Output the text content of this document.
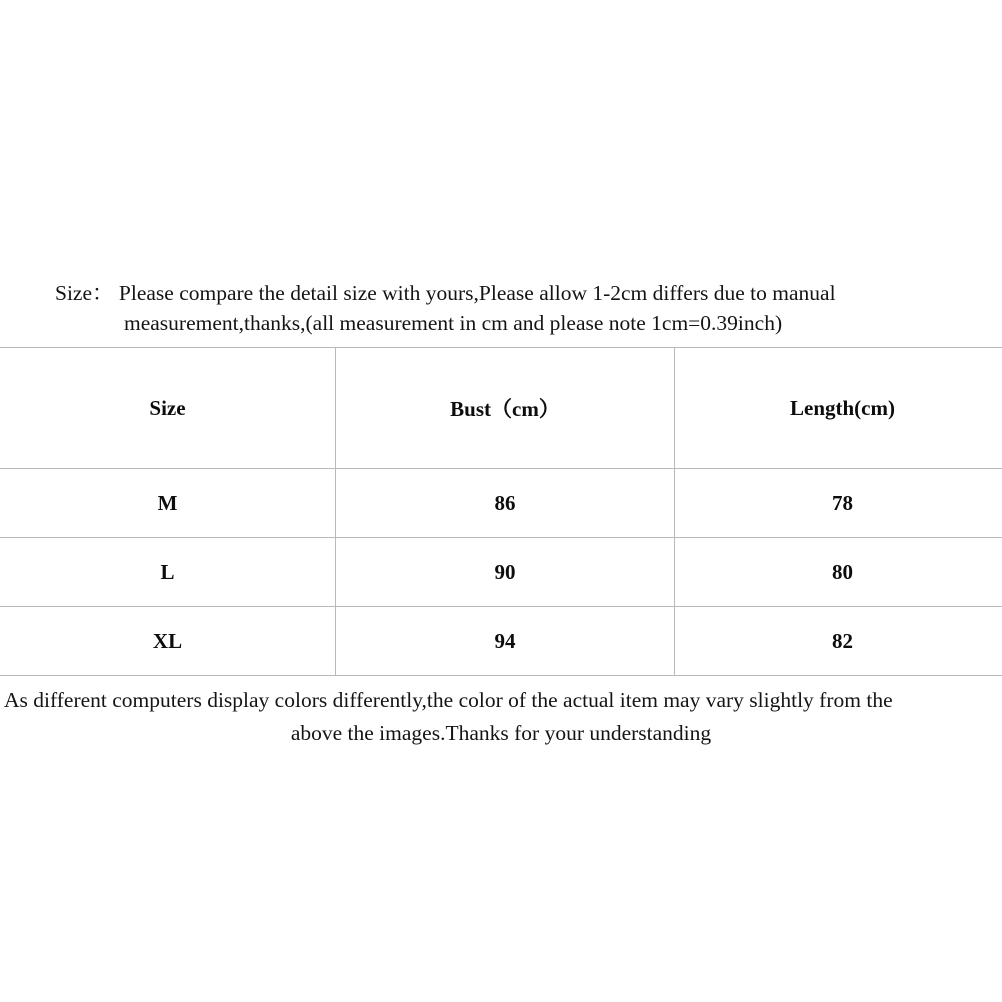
Size： Please compare the detail size with yours,Please allow 1-2cm differs due to manual
measurement,thanks,(all measurement in cm and please note 1cm=0.39inch)
Size	Bust（cm）	Length(cm)
M	86	78
L	90	80
XL	94	82
As different computers display colors differently,the color of the actual item may vary slightly from the
above the images.Thanks for your understanding
